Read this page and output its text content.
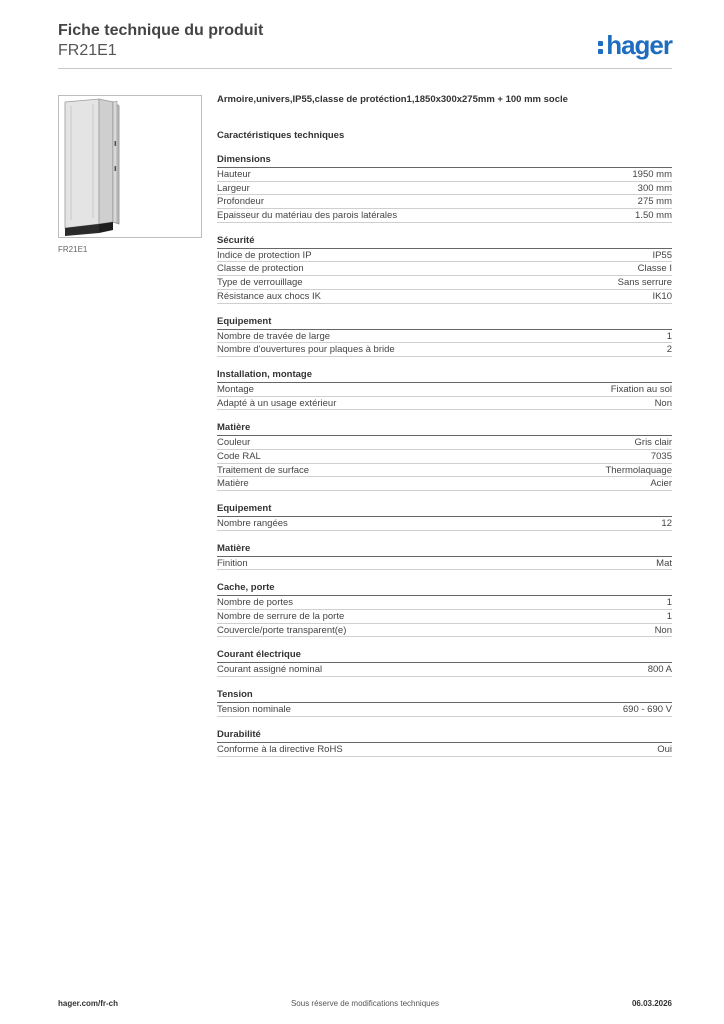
Fiche technique du produit
FR21E1	hager
FR21E1
Armoire,univers,IP55,classe de protéction1,1850x300x275mm + 100 mm socle
Caractéristiques techniques
Dimensions
Hauteur	1950 mm
Largeur	300 mm
Profondeur	275 mm
Epaisseur du matériau des parois latérales	1.50 mm
Sécurité
Indice de protection IP	IP55
Classe de protection	Classe I
Type de verrouillage	Sans serrure
Résistance aux chocs IK	IK10
Equipement
Nombre de travée de large	1
Nombre d'ouvertures pour plaques à bride	2
Installation, montage
Montage	Fixation au sol
Adapté à un usage extérieur	Non
Matière
Couleur	Gris clair
Code RAL	7035
Traitement de surface	Thermolaquage
Matière	Acier
Equipement
Nombre rangées	12
Matière
Finition	Mat
Cache, porte
Nombre de portes	1
Nombre de serrure de la porte	1
Couvercle/porte transparent(e)	Non
Courant électrique
Courant assigné nominal	800 A
Tension
Tension nominale	690 - 690 V
Durabilité
Conforme à la directive RoHS	Oui
hager.com/fr-ch	Sous réserve de modifications techniques	06.03.2026
